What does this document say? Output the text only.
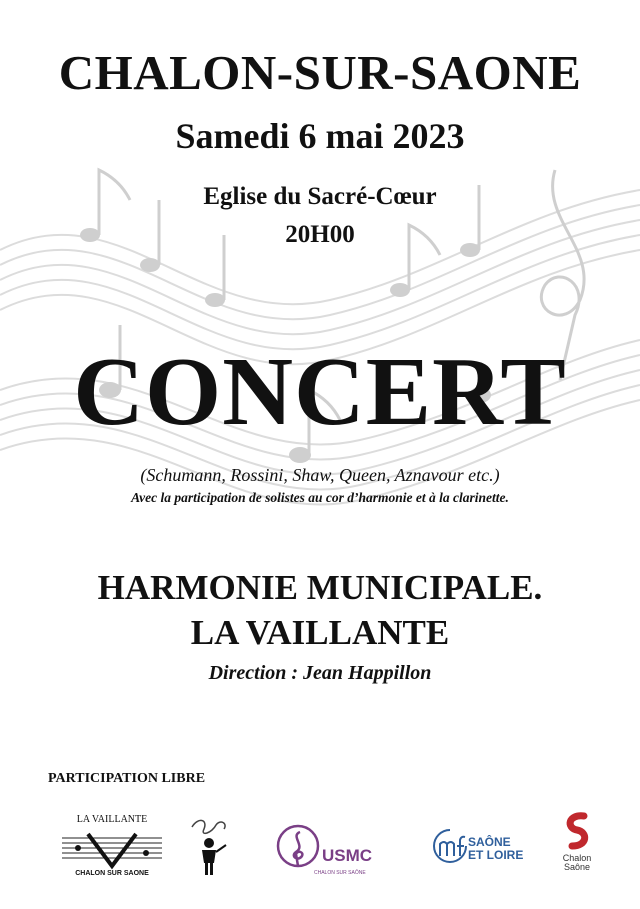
CHALON-SUR-SAONE
Samedi 6 mai 2023
Eglise du Sacré-Cœur
20H00
CONCERT
(Schumann, Rossini, Shaw, Queen, Aznavour etc.)
Avec la participation de solistes au cor d’harmonie et à la clarinette.
HARMONIE MUNICIPALE.
LA VAILLANTE
Direction : Jean Happillon
PARTICIPATION LIBRE
LA VAILLANTE
CHALON SUR SAONE
USMC
CHALON SUR SAÔNE
SAÔNE
ET LOIRE	Chalon
Saône
